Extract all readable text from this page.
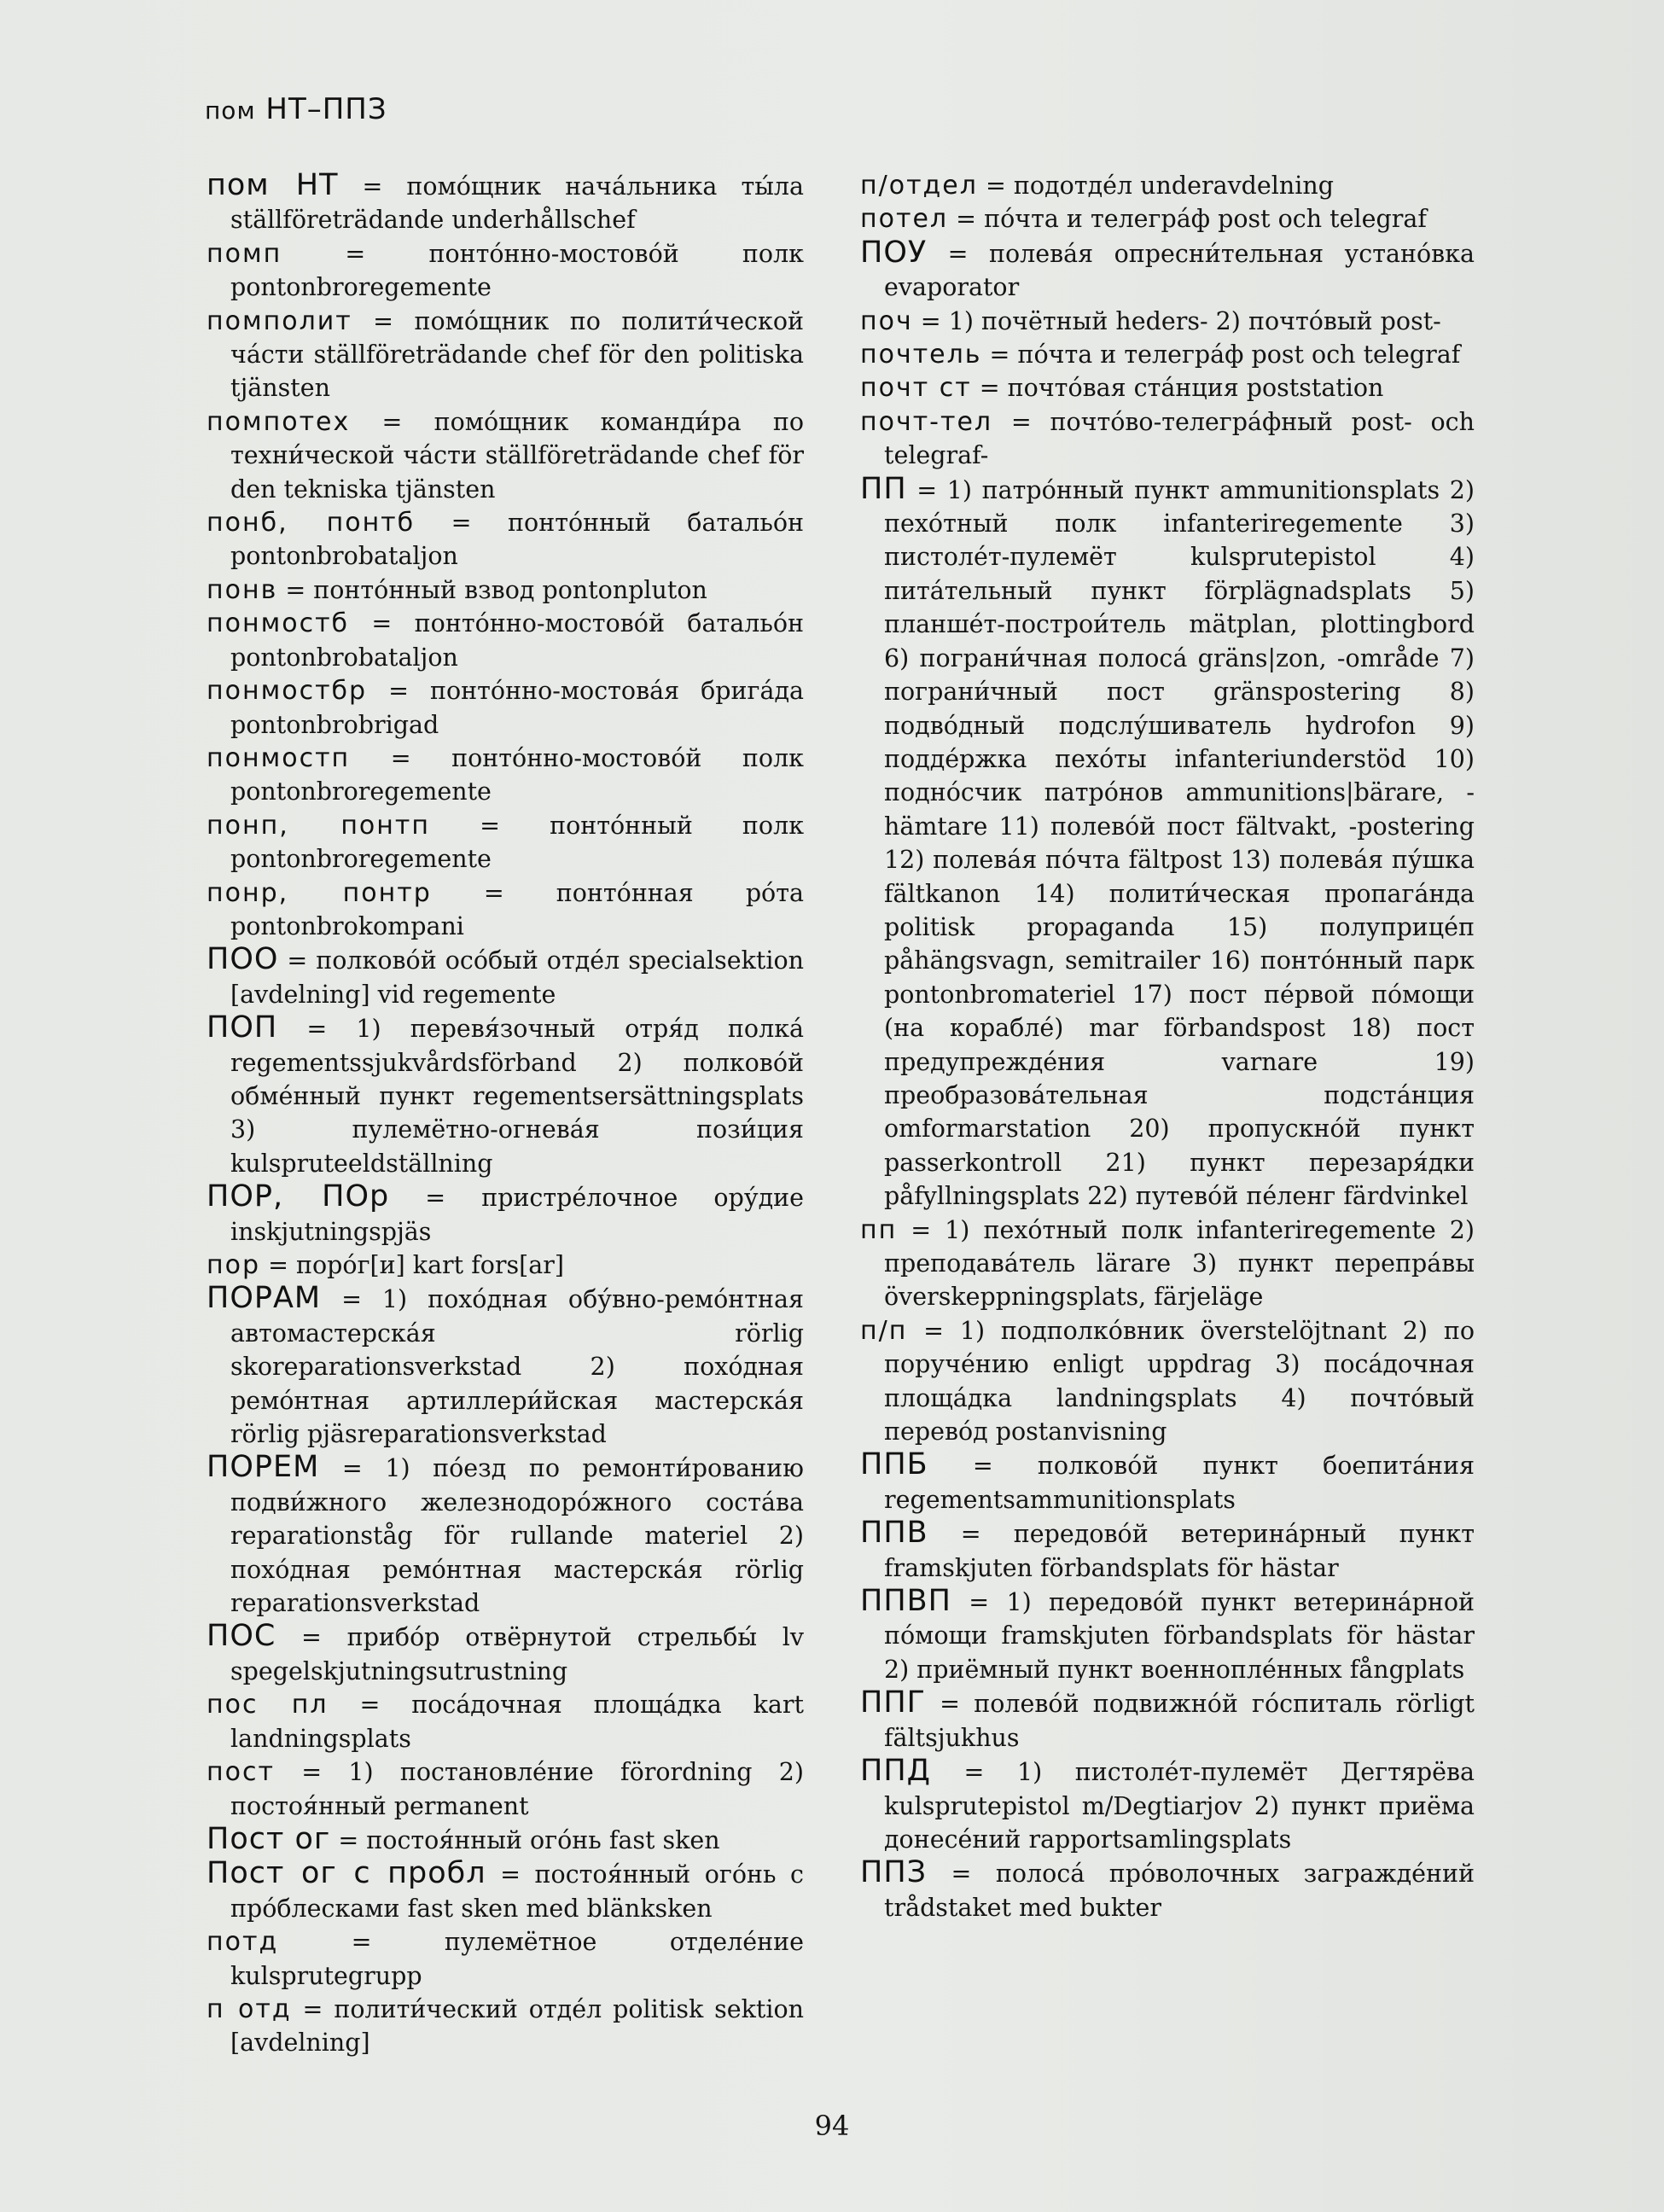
пом НТ–ППЗ

пом НТ = помо́щник нача́льника ты́ла ställföreträdande underhållschef

помп = понто́нно-мостово́й полк pontonbroregemente

помполит = помо́щник по полити́ческой ча́сти ställföreträdande chef för den politiska tjänsten

помпотех = помо́щник команди́ра по техни́ческой ча́сти ställföreträdande chef för den tekniska tjänsten

понб, понтб = понто́нный батальо́н pontonbrobataljon

понв = понто́нный взвод pontonpluton

понмостб = понто́нно-мостово́й батальо́н pontonbrobataljon

понмостбр = понто́нно-мостова́я брига́да pontonbrobrigad

понмостп = понто́нно-мостово́й полк pontonbroregemente

понп, понтп = понто́нный полк pontonbroregemente

понр, понтр = понто́нная ро́та pontonbrokompani

ПОО = полково́й осо́бый отде́л specialsektion [avdelning] vid regemente

ПОП = 1) перевя́зочный отря́д полка́ regementssjukvårdsförband 2) полково́й обме́нный пункт regementsersättningsplats 3) пулемётно-огнева́я пози́ция kulspruteeldställning

ПОР, ПОр = пристре́лочное ору́дие inskjutningspjäs

пор = поро́г[и] kart fors[ar]

ПОРАМ = 1) похо́дная обу́вно-ремо́нтная автомастерска́я rörlig skoreparationsverkstad 2) похо́дная ремо́нтная артиллери́йская мастерска́я rörlig pjäsreparationsverkstad

ПОРЕМ = 1) по́езд по ремонти́рованию подви́жного железнодоро́жного соста́ва reparationståg för rullande materiel 2) похо́дная ремо́нтная мастерска́я rörlig reparationsverkstad

ПОС = прибо́р отвёрнутой стрельбы́ lv spegelskjutningsutrustning

пос пл = поса́дочная площа́дка kart landningsplats

пост = 1) постановле́ние förordning 2) постоя́нный permanent

Пост ог = постоя́нный ого́нь fast sken

Пост ог с пробл = постоя́нный ого́нь с про́блесками fast sken med blänksken

потд = пулемётное отделе́ние kulsprutegrupp

п отд = полити́ческий отде́л politisk sektion [avdelning]

п/отдел = подотде́л underavdelning

потел = по́чта и телегра́ф post och telegraf

ПОУ = полева́я опресни́тельная устано́вка evaporator

поч = 1) почётный heders- 2) почто́вый post-

почтель = по́чта и телегра́ф post och telegraf

почт ст = почто́вая ста́нция poststation

почт-тел = почто́во-телегра́фный post- och telegraf-

ПП = 1) патро́нный пункт ammunitionsplats 2) пехо́тный полк infanteriregemente 3) пистоле́т-пулемёт kulsprutepistol 4) пита́тельный пункт förplägnadsplats 5) планше́т-построи́тель mätplan, plottingbord 6) пограни́чная полоса́ gräns|zon, -område 7) пограни́чный пост gränspostering 8) подво́дный подслу́шиватель hydrofon 9) подде́ржка пехо́ты infanteriunderstöd 10) подно́счик патро́нов ammunitions|bärare, -hämtare 11) полево́й пост fältvakt, -postering 12) полева́я по́чта fältpost 13) полева́я пу́шка fältkanon 14) полити́ческая пропага́нда politisk propaganda 15) полуприце́п påhängsvagn, semitrailer 16) понто́нный парк pontonbromateriel 17) пост пе́рвой по́мощи (на корабле́) mar förbandspost 18) пост предупрежде́ния varnare 19) преобразова́тельная подста́нция omformarstation 20) пропускно́й пункт passerkontroll 21) пункт перезаря́дки påfyllningsplats 22) путево́й пе́ленг färdvinkel

пп = 1) пехо́тный полк infanteriregemente 2) преподава́тель lärare 3) пункт перепра́вы överskeppningsplats, färjeläge

п/п = 1) подполко́вник överstelöjtnant 2) по поруче́нию enligt uppdrag 3) поса́дочная площа́дка landningsplats 4) почто́вый перево́д postanvisning

ППБ = полково́й пункт боепита́ния regementsammunitionsplats

ППВ = передово́й ветерина́рный пункт framskjuten förbandsplats för hästar

ППВП = 1) передово́й пункт ветерина́рной по́мощи framskjuten förbandsplats för hästar 2) приёмный пункт военнопле́нных fångplats

ППГ = полево́й подвижно́й го́спиталь rörligt fältsjukhus

ППД = 1) пистоле́т-пулемёт Дегтярёва kulsprutepistol m/Degtiarjov 2) пункт приёма донесе́ний rapportsamlingsplats

ППЗ = полоса́ про́волочных загражде́ний trådstaket med bukter

94
